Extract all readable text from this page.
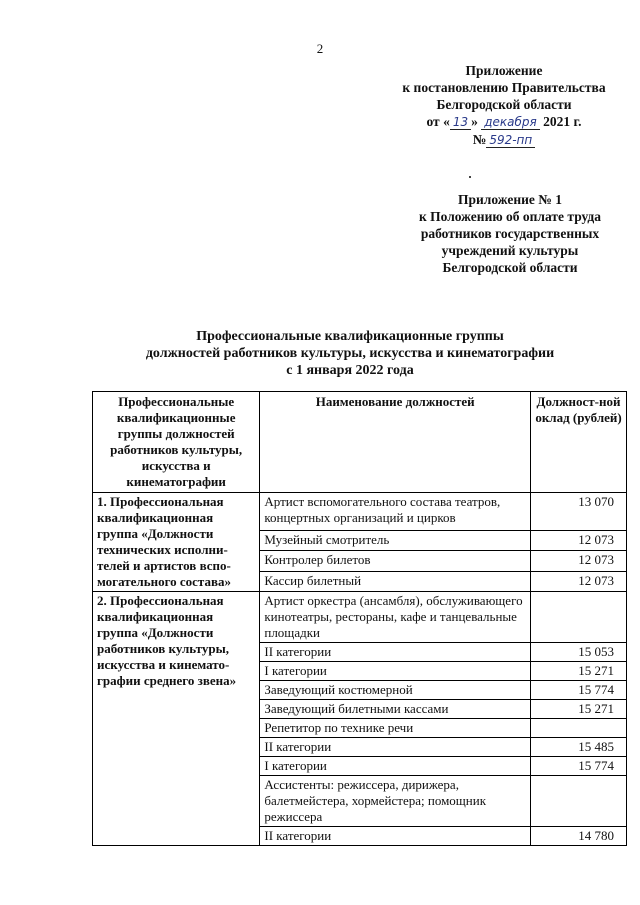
2
Приложение
к постановлению Правительства
Белгородской области
от « 13 » декабря 2021 г.
№ 592-пп
Приложение № 1
к Положению об оплате труда
работников государственных
учреждений культуры
Белгородской области
Профессиональные квалификационные группы
должностей работников культуры, искусства и кинематографии
с 1 января 2022 года
Профессиональные квалификационные группы должностей работников культуры, искусства и кинематографии	Наименование должностей	Должност-ной оклад (рублей)
1. Профессиональная квалификационная группа «Должности технических исполни-телей и артистов вспо-могательного состава»	Артист вспомогательного состава театров, концертных организаций и цирков	13 070
	Музейный смотритель	12 073
	Контролер билетов	12 073
	Кассир билетный	12 073
2. Профессиональная квалификационная группа «Должности работников культуры, искусства и кинемато-графии среднего звена»	Артист оркестра (ансамбля), обслуживающего кинотеатры, рестораны, кафе и танцевальные площадки	
	II категории	15 053
	I категории	15 271
	Заведующий костюмерной	15 774
	Заведующий билетными кассами	15 271
	Репетитор по технике речи	
	II категории	15 485
	I категории	15 774
	Ассистенты: режиссера, дирижера, балетмейстера, хормейстера; помощник режиссера	
	II категории	14 780
